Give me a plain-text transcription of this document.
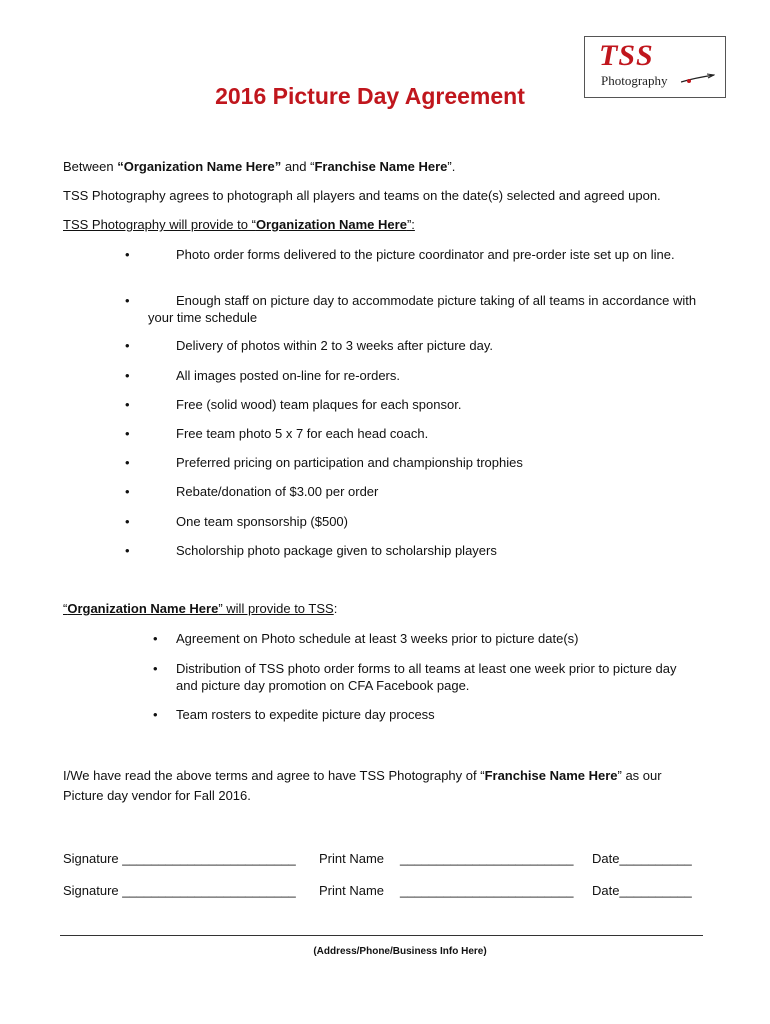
TSS
Photography
2016 Picture Day Agreement

Between “Organization Name Here” and “Franchise Name Here”.

TSS Photography agrees to photograph all players and teams on the date(s) selected and agreed upon.

TSS Photography will provide to “Organization Name Here”:

•	Photo order forms delivered to the picture coordinator and pre-order iste set up on line.
•	Enough staff on picture day to accommodate picture taking of all teams in accordance with your time schedule
•	Delivery of photos within 2 to 3 weeks after picture day.
•	All images posted on-line for re-orders.
•	Free (solid wood) team plaques for each sponsor.
•	Free team photo 5 x 7 for each head coach.
•	Preferred pricing on participation and championship trophies
•	Rebate/donation of $3.00 per order
•	One team sponsorship ($500)
•	Scholorship photo package given to scholarship players

“Organization Name Here” will provide to TSS:

•	Agreement on Photo schedule at least 3 weeks prior to picture date(s)
•	Distribution of TSS photo order forms to all teams at least one week prior to picture day and picture day promotion on CFA Facebook page.
•	Team rosters to expedite picture day process

I/We have read the above terms and agree to have TSS Photography of “Franchise Name Here” as our

Picture day vendor for Fall 2016.

Signature ________________________ Print Name ________________________ Date__________
Signature ________________________ Print Name ________________________ Date__________
(Address/Phone/Business Info Here)
